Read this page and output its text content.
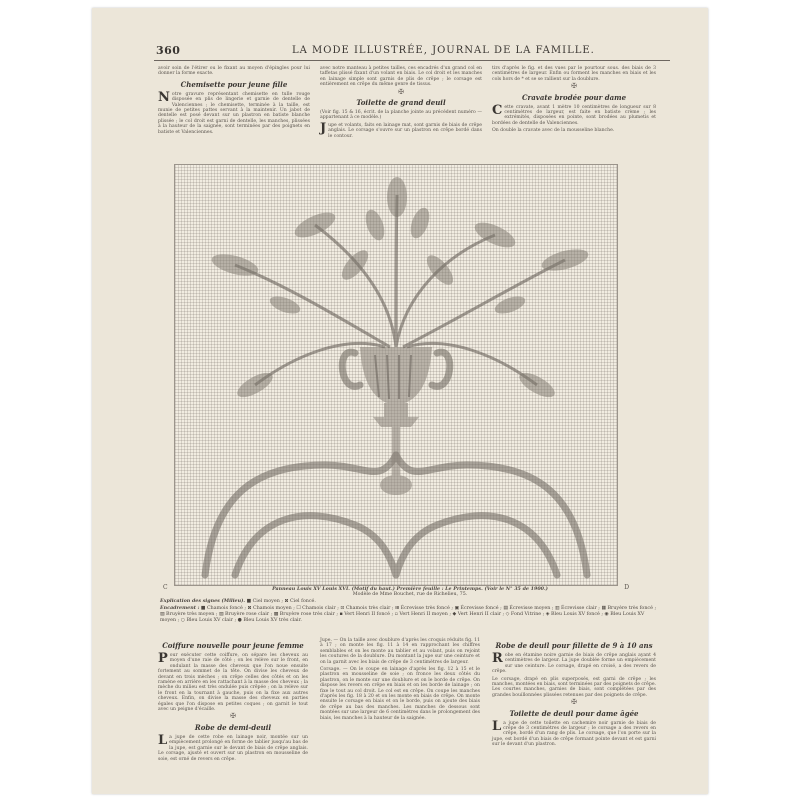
360	LA MODE ILLUSTRÉE, JOURNAL DE LA FAMILLE.

avoir soin de l'étirer ou le fixant au moyen d'épingles pour lui donner la forme exacte.

Chemisette pour jeune fille

N otre gravure représentant chemisette en tulle rouge disposée en plis de lingerie et garnie de dentelle de Valenciennes ; le chemisette, terminée à la taille, est munie de petites pattes servant à la maintenir. Un jabot de dentelle est posé devant sur un plastron en batiste blanche plissée ; le col droit est garni de dentelle, les manches, plissées à la hauteur de la saignée, sont terminées par des poignets en batiste et Valenciennes.

avec notre manteau à petites tailles, ces encadrés d'un grand col en taffetas plissé fixant d'un volant en biais. Le col droit et les manches en lainage simple sont garnis de plis de crêpe ; le corsage est entièrement en crêpe du même genre de tissus.

✠
Toilette de grand deuil

(Voir fig. 15 & 16, écrit. de la planche jointe au précédent numéro — appartenant à ce modèle.)

J upe et volants, faits en lainage mat, sont garnis de biais de crêpe anglais. Le corsage s'ouvre sur un plastron en crêpe bordé dans le contour.

tirs d'après le fig. et des vues par le pourtour sous. des biais de 3 centimètres de largeur. Enfin ou forment les manches en biais et les cols hors de * et se se rallient sur la doublure.

✠
Cravate brodée pour dame

C ette cravate, avant 1 mètre 10 centimètres de longueur sur 8 centimètres de largeur, est faite en batiste crème ; les extrémités, disposées en pointe, sont brodées au plumetis et bordées de dentelle de Valenciennes.

On double la cravate avec de la mousseline blanche.

C	D
Panneau Louis XV Louis XVI. (Motif du haut.) Première feuille : Le Printemps. (Voir le N° 35 de 1900.)
Modèle de Mme Bouchet, rue de Richelieu, 75.
Explication des signes (Milieu). ■ Ciel moyen ; ⊠ Ciel foncé.
Encadrement : ■ Chamois foncé ; ⊠ Chamois moyen ; ☐ Chamois clair ; ⊡ Chamois très clair ; ⊞ Écrevisse très foncé ; ▣ Écrevisse foncé ; ▤ Écrevisse moyen ; ▥ Écrevisse clair ; ▦ Bruyère très foncé ; ▧ Bruyère très moyen ; ▨ Bruyère rose clair ; ▩ Bruyère rose très clair ; ▪ Vert Henri II foncé ; ▫ Vert Henri II moyen ; ◆ Vert Henri II clair ; ◇ Fond Vitrine ; ◈ Bleu Louis XV foncé ; ◉ Bleu Louis XV moyen ; ○ Bleu Louis XV clair ; ● Bleu Louis XV très clair.
Coiffure nouvelle pour jeune femme

P our exécuter cette coiffure, on sépare les cheveux au moyen d'une raie de côté ; on les relève sur le front, en ondulant la masse des cheveux que l'on noue ensuite fortement au sommet de la tête. On divise les cheveux de devant en trois mèches ; on crêpe celles des côtés et on les ramène en arrière en les rattachant à la masse des cheveux ; la mèche du milieu est très ondulée puis crêpée ; on la relève sur le front en la tournant à gauche, puis on la fixe aux autres cheveux. Enfin, on divise la masse des cheveux en parties égales que l'on dispose en petites coques ; on garnit le tout avec un peigne d'écaille.

✠
Robe de demi-deuil

L a jupe de cette robe en lainage noir, montée sur un empiècement prolongé en forme de tablier jusqu'au bas de la jupe, est garnie sur le devant de biais de crêpe anglais. Le corsage, ajusté et ouvert sur un plastron en mousseline de soie, est orné de revers en crêpe.

Jupe. — On la taille avec doublure d'après les croquis réduits fig. 11 à 17 ; on monte les fig. 11 à 14 en rapprochant les chiffres semblables et on les monte au tablier et au volant, puis on rejoint les coutures de la doublure. Du montant la jupe sur une ceinture et on la garnit avec les biais de crêpe de 3 centimètres de largeur.

Corsage. — On le coupe en lainage d'après les fig. 12 à 15 et le plastron en mousseline de soie ; on fronce les deux côtés du plastron, on le monte sur une doublure et on le borde de crêpe. On dispose les revers en crêpe en biais et on les borde de lainage ; on fixe le tout au col droit. Le col est en crêpe. On coupe les manches d'après les fig. 18 à 20 et on les monte en biais de crêpe. On monte ensuite le corsage en biais et on le borde, puis on ajoute des biais de crêpe au bas des manches. Les manches de dessous sont montées sur une largeur de 6 centimètres dans le prolongement des biais, les manches à la hauteur de la saignée.

Robe de deuil pour fillette de 9 à 10 ans

R obe en étamine noire garnie de biais de crêpe anglais ayant 4 centimètres de largeur. La jupe doublée forme un empiècement sur une ceinture. Le corsage, drapé en croisé, a des revers de crêpe.

Le corsage, drapé en plis superposés, est garni de crêpe ; les manches, montées en biais, sont terminées par des poignets de crêpe. Les courtes manches, garnies de biais, sont complétées par des grandes bouillonnées plissées retenues par des poignets de crêpe.

✠
Toilette de deuil pour dame âgée

L a jupe de cette toilette en cachemire noir garnie de biais de crêpe de 3 centimètres de largeur ; le corsage a des revers en crêpe, bordé d'un rang de plis. Le corsage, que l'on porte sur la jupe, est bordé d'un biais de crêpe formant pointe devant et est garni sur le devant d'un plastron.
